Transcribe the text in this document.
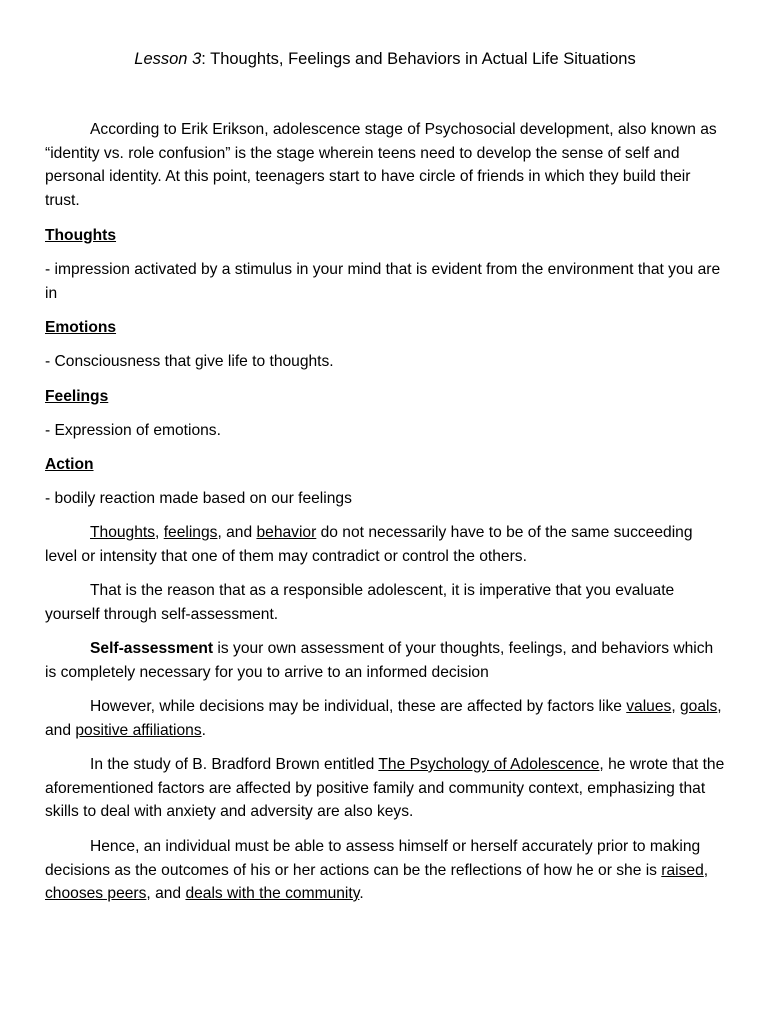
Lesson 3: Thoughts, Feelings and Behaviors in Actual Life Situations

According to Erik Erikson, adolescence stage of Psychosocial development, also known as “identity vs. role confusion” is the stage wherein teens need to develop the sense of self and personal identity. At this point, teenagers start to have circle of friends in which they build their trust.

Thoughts

- impression activated by a stimulus in your mind that is evident from the environment that you are in

Emotions

- Consciousness that give life to thoughts.

Feelings

- Expression of emotions.

Action

- bodily reaction made based on our feelings

Thoughts, feelings, and behavior do not necessarily have to be of the same succeeding level or intensity that one of them may contradict or control the others.

That is the reason that as a responsible adolescent, it is imperative that you evaluate yourself through self-assessment.

Self-assessment is your own assessment of your thoughts, feelings, and behaviors which is completely necessary for you to arrive to an informed decision

However, while decisions may be individual, these are affected by factors like values, goals, and positive affiliations.

In the study of B. Bradford Brown entitled The Psychology of Adolescence, he wrote that the aforementioned factors are affected by positive family and community context, emphasizing that skills to deal with anxiety and adversity are also keys.

Hence, an individual must be able to assess himself or herself accurately prior to making decisions as the outcomes of his or her actions can be the reflections of how he or she is raised, chooses peers, and deals with the community.
